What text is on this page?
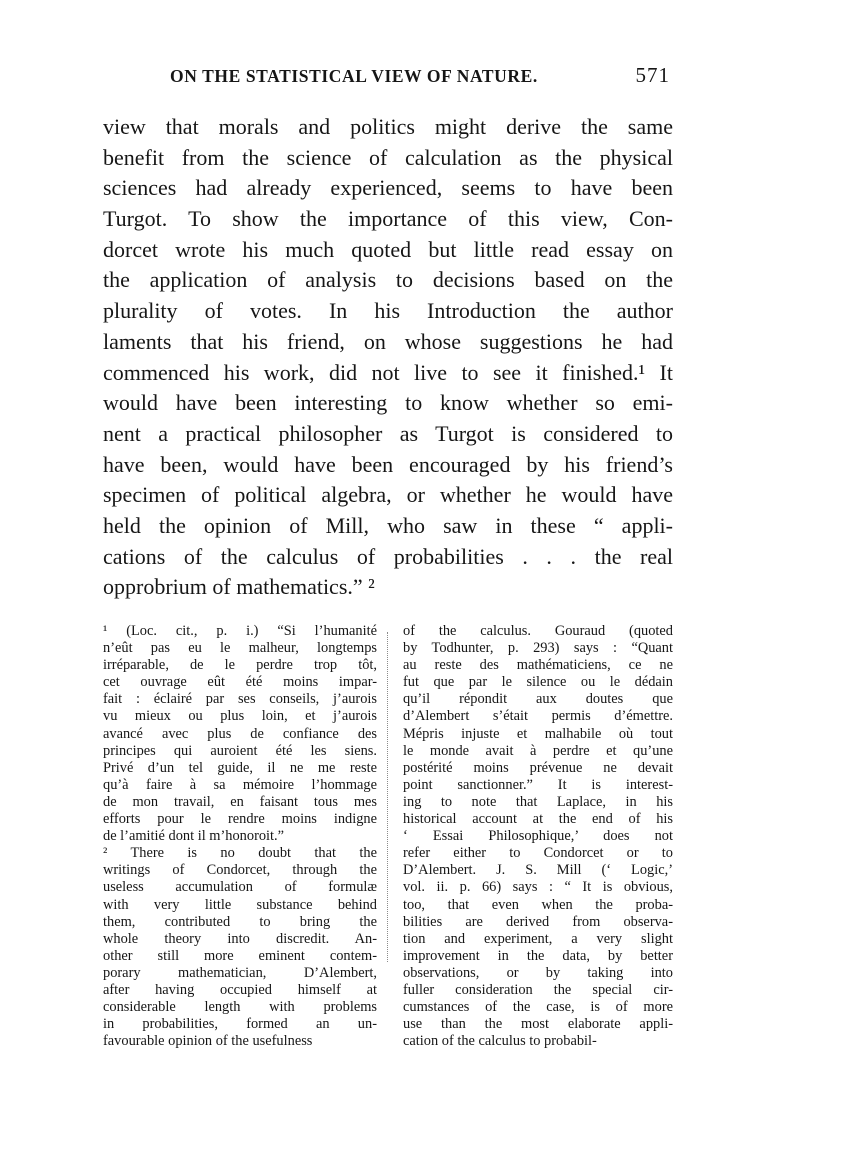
ON THE STATISTICAL VIEW OF NATURE.	571
view that morals and politics might derive the same
benefit from the science of calculation as the physical
sciences had already experienced, seems to have been
Turgot. To show the importance of this view, Con-
dorcet wrote his much quoted but little read essay on
the application of analysis to decisions based on the
plurality of votes. In his Introduction the author
laments that his friend, on whose suggestions he had
commenced his work, did not live to see it finished.¹ It
would have been interesting to know whether so emi-
nent a practical philosopher as Turgot is considered to
have been, would have been encouraged by his friend’s
specimen of political algebra, or whether he would have
held the opinion of Mill, who saw in these “ appli-
cations of the calculus of probabilities . . . the real
opprobrium of mathematics.” ²
¹ (Loc. cit., p. i.) “Si l’humanité
n’eût pas eu le malheur, longtemps
irréparable, de le perdre trop tôt,
cet ouvrage eût été moins impar-
fait : éclairé par ses conseils, j’aurois
vu mieux ou plus loin, et j’aurois
avancé avec plus de confiance des
principes qui auroient été les siens.
Privé d’un tel guide, il ne me reste
qu’à faire à sa mémoire l’hommage
de mon travail, en faisant tous mes
efforts pour le rendre moins indigne
de l’amitié dont il m’honoroit.”
² There is no doubt that the
writings of Condorcet, through the
useless accumulation of formulæ
with very little substance behind
them, contributed to bring the
whole theory into discredit. An-
other still more eminent contem-
porary mathematician, D’Alembert,
after having occupied himself at
considerable length with problems
in probabilities, formed an un-
favourable opinion of the usefulness
of the calculus. Gouraud (quoted
by Todhunter, p. 293) says : “Quant
au reste des mathématiciens, ce ne
fut que par le silence ou le dédain
qu’il répondit aux doutes que
d’Alembert s’était permis d’émettre.
Mépris injuste et malhabile où tout
le monde avait à perdre et qu’une
postérité moins prévenue ne devait
point sanctionner.” It is interest-
ing to note that Laplace, in his
historical account at the end of his
‘ Essai Philosophique,’ does not
refer either to Condorcet or to
D’Alembert. J. S. Mill (‘ Logic,’
vol. ii. p. 66) says : “ It is obvious,
too, that even when the proba-
bilities are derived from observa-
tion and experiment, a very slight
improvement in the data, by better
observations, or by taking into
fuller consideration the special cir-
cumstances of the case, is of more
use than the most elaborate appli-
cation of the calculus to probabil-
